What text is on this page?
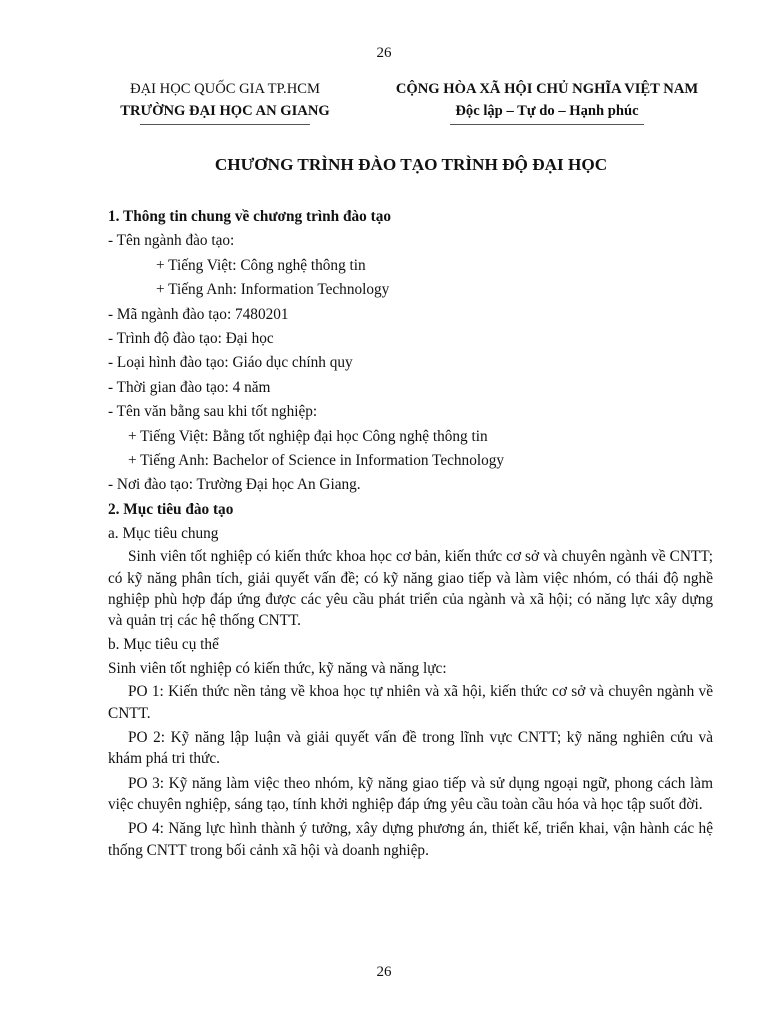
26
ĐẠI HỌC QUỐC GIA TP.HCM
TRƯỜNG ĐẠI HỌC AN GIANG
CỘNG HÒA XÃ HỘI CHỦ NGHĨA VIỆT NAM
Độc lập – Tự do – Hạnh phúc
CHƯƠNG TRÌNH ĐÀO TẠO TRÌNH ĐỘ ĐẠI HỌC
1. Thông tin chung về chương trình đào tạo
- Tên ngành đào tạo:
+ Tiếng Việt: Công nghệ thông tin
+ Tiếng Anh: Information Technology
- Mã ngành đào tạo: 7480201
- Trình độ đào tạo: Đại học
- Loại hình đào tạo: Giáo dục chính quy
- Thời gian đào tạo: 4 năm
- Tên văn bằng sau khi tốt nghiệp:
+ Tiếng Việt: Bằng tốt nghiệp đại học Công nghệ thông tin
+ Tiếng Anh: Bachelor of Science in Information Technology
- Nơi đào tạo: Trường Đại học An Giang.
2. Mục tiêu đào tạo
a. Mục tiêu chung
Sinh viên tốt nghiệp có kiến thức khoa học cơ bản, kiến thức cơ sở và chuyên ngành về CNTT; có kỹ năng phân tích, giải quyết vấn đề; có kỹ năng giao tiếp và làm việc nhóm, có thái độ nghề nghiệp phù hợp đáp ứng được các yêu cầu phát triển của ngành và xã hội; có năng lực xây dựng và quản trị các hệ thống CNTT.
b. Mục tiêu cụ thể
Sinh viên tốt nghiệp có kiến thức, kỹ năng và năng lực:
PO 1: Kiến thức nền tảng về khoa học tự nhiên và xã hội, kiến thức cơ sở và chuyên ngành về CNTT.
PO 2: Kỹ năng lập luận và giải quyết vấn đề trong lĩnh vực CNTT; kỹ năng nghiên cứu và khám phá tri thức.
PO 3: Kỹ năng làm việc theo nhóm, kỹ năng giao tiếp và sử dụng ngoại ngữ, phong cách làm việc chuyên nghiệp, sáng tạo, tính khởi nghiệp đáp ứng yêu cầu toàn cầu hóa và học tập suốt đời.
PO 4: Năng lực hình thành ý tưởng, xây dựng phương án, thiết kế, triển khai, vận hành các hệ thống CNTT trong bối cảnh xã hội và doanh nghiệp.
26
